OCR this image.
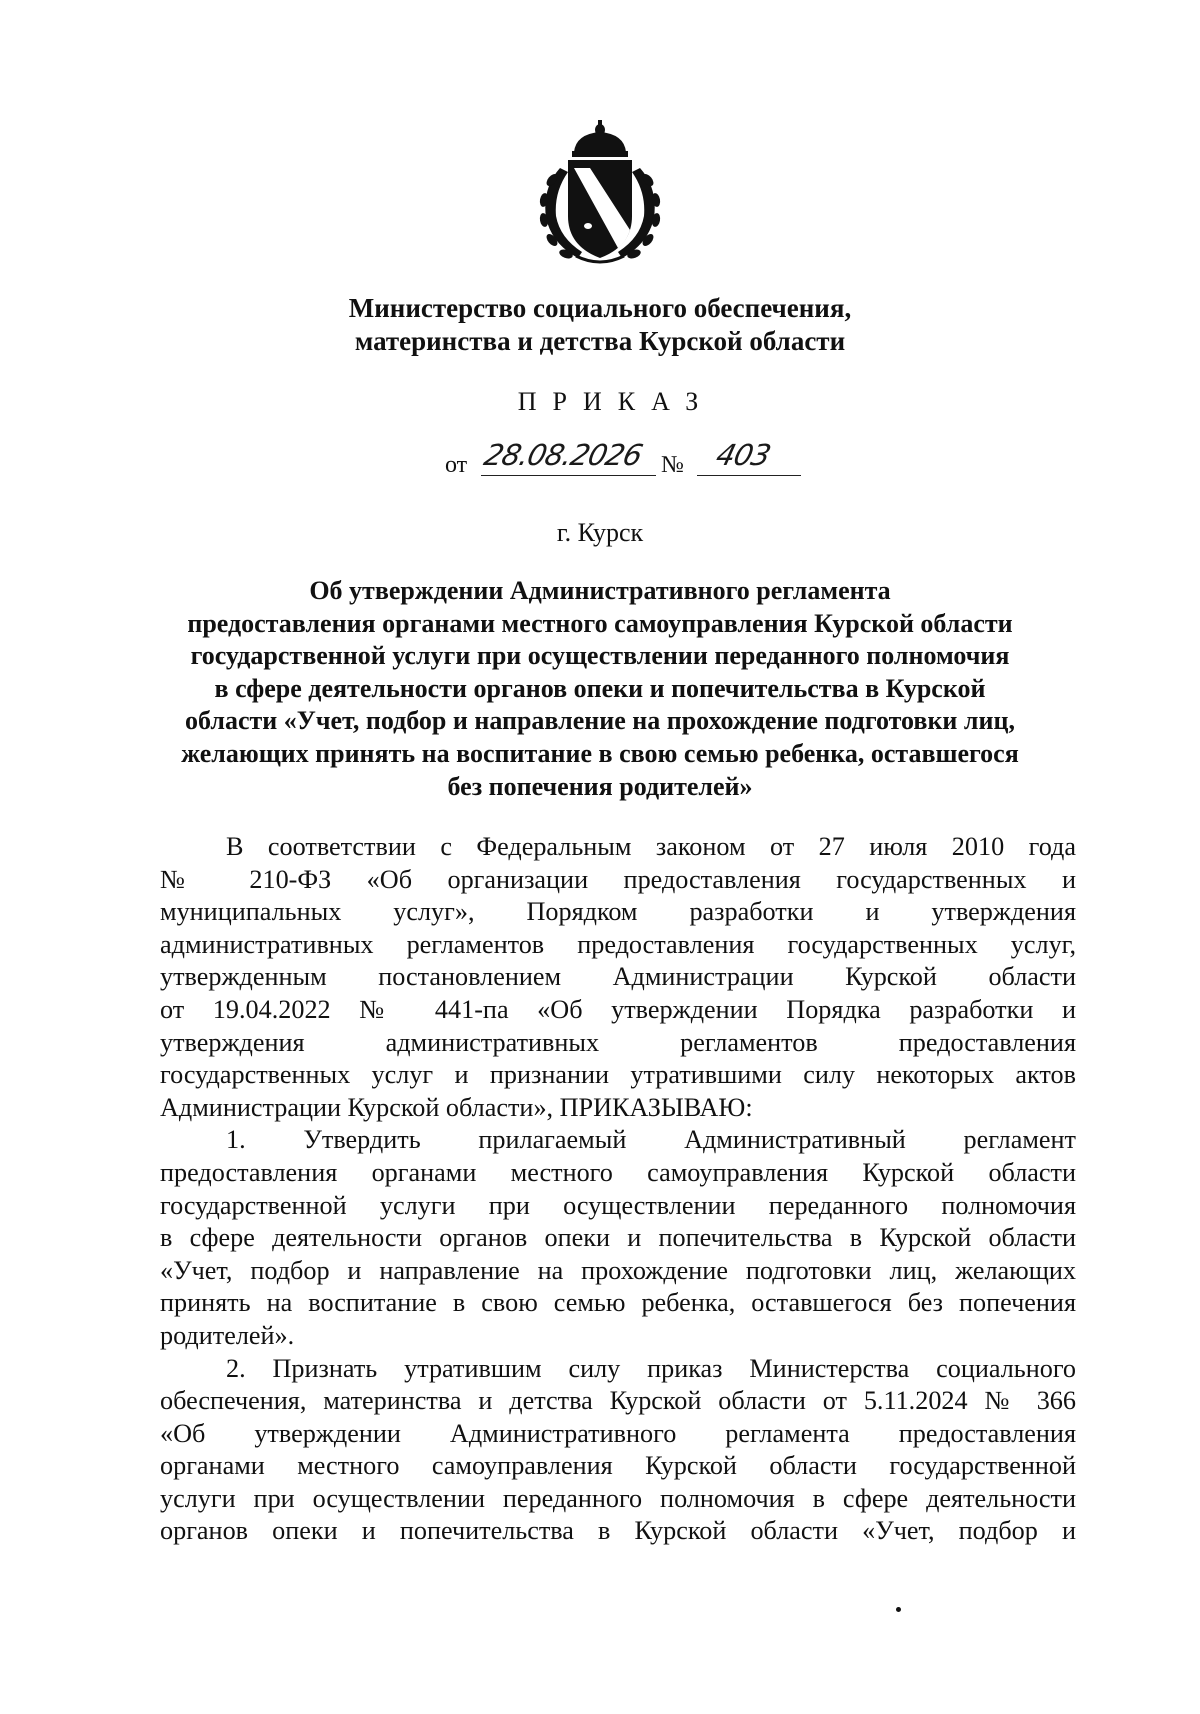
Министерство социального обеспечения,
материнства и детства Курской области
ПРИКАЗ
от 28.08.2026 № 403
г. Курск
Об утверждении Административного регламента
предоставления органами местного самоуправления Курской области
государственной услуги при осуществлении переданного полномочия
в сфере деятельности органов опеки и попечительства в Курской
области «Учет, подбор и направление на прохождение подготовки лиц,
желающих принять на воспитание в свою семью ребенка, оставшегося
без попечения родителей»
В соответствии с Федеральным законом от 27 июля 2010 года
№ 210-ФЗ «Об организации предоставления государственных и
муниципальных услуг», Порядком разработки и утверждения
административных регламентов предоставления государственных услуг,
утвержденным постановлением Администрации Курской области
от 19.04.2022 № 441-па «Об утверждении Порядка разработки и
утверждения административных регламентов предоставления
государственных услуг и признании утратившими силу некоторых актов
Администрации Курской области», ПРИКАЗЫВАЮ:
1. Утвердить прилагаемый Административный регламент
предоставления органами местного самоуправления Курской области
государственной услуги при осуществлении переданного полномочия
в сфере деятельности органов опеки и попечительства в Курской области
«Учет, подбор и направление на прохождение подготовки лиц, желающих
принять на воспитание в свою семью ребенка, оставшегося без попечения
родителей».
2. Признать утратившим силу приказ Министерства социального
обеспечения, материнства и детства Курской области от 5.11.2024 № 366
«Об утверждении Административного регламента предоставления
органами местного самоуправления Курской области государственной
услуги при осуществлении переданного полномочия в сфере деятельности
органов опеки и попечительства в Курской области «Учет, подбор и
